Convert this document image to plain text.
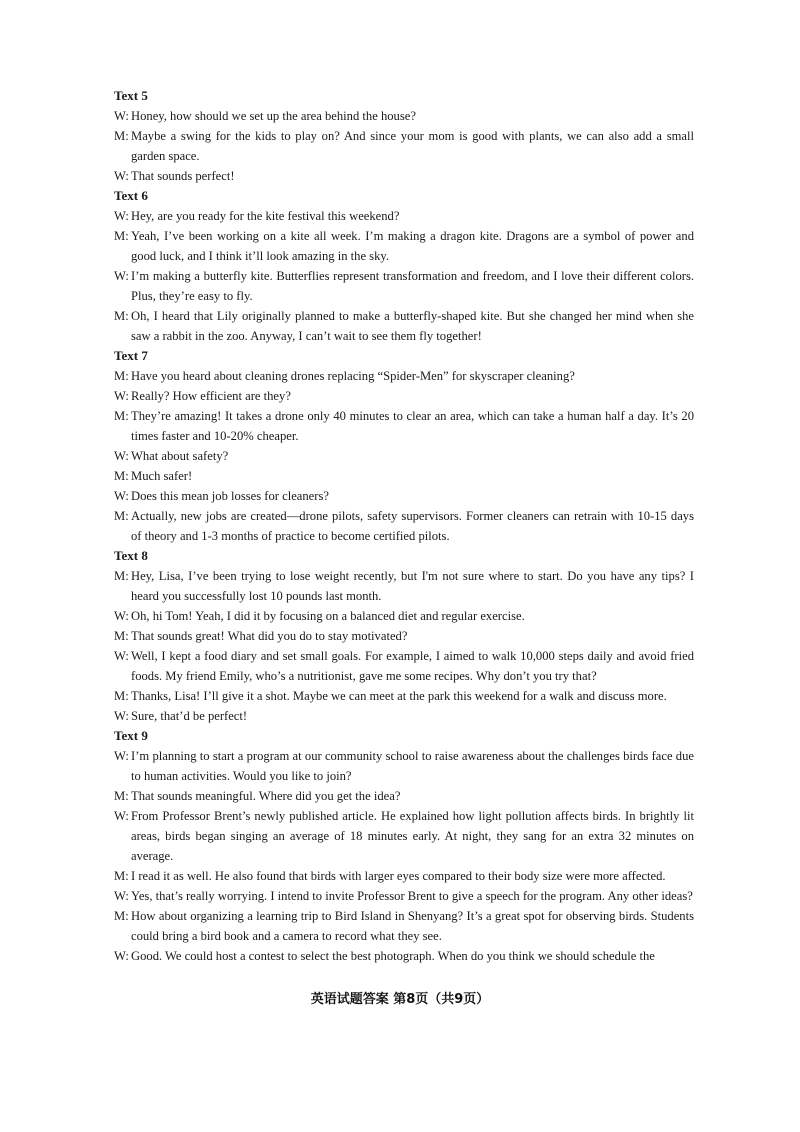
Text 5
W: Honey, how should we set up the area behind the house?
M: Maybe a swing for the kids to play on? And since your mom is good with plants, we can also add a small garden space.
W: That sounds perfect!
Text 6
W: Hey, are you ready for the kite festival this weekend?
M: Yeah, I’ve been working on a kite all week. I’m making a dragon kite. Dragons are a symbol of power and good luck, and I think it’ll look amazing in the sky.
W: I’m making a butterfly kite. Butterflies represent transformation and freedom, and I love their different colors. Plus, they’re easy to fly.
M: Oh, I heard that Lily originally planned to make a butterfly-shaped kite. But she changed her mind when she saw a rabbit in the zoo. Anyway, I can’t wait to see them fly together!
Text 7
M: Have you heard about cleaning drones replacing “Spider-Men” for skyscraper cleaning?
W: Really? How efficient are they?
M: They’re amazing! It takes a drone only 40 minutes to clear an area, which can take a human half a day. It’s 20 times faster and 10-20% cheaper.
W: What about safety?
M: Much safer!
W: Does this mean job losses for cleaners?
M: Actually, new jobs are created—drone pilots, safety supervisors. Former cleaners can retrain with 10-15 days of theory and 1-3 months of practice to become certified pilots.
Text 8
M: Hey, Lisa, I’ve been trying to lose weight recently, but I'm not sure where to start. Do you have any tips? I heard you successfully lost 10 pounds last month.
W: Oh, hi Tom! Yeah, I did it by focusing on a balanced diet and regular exercise.
M: That sounds great! What did you do to stay motivated?
W: Well, I kept a food diary and set small goals. For example, I aimed to walk 10,000 steps daily and avoid fried foods. My friend Emily, who’s a nutritionist, gave me some recipes. Why don’t you try that?
M: Thanks, Lisa! I’ll give it a shot. Maybe we can meet at the park this weekend for a walk and discuss more.
W: Sure, that’d be perfect!
Text 9
W: I’m planning to start a program at our community school to raise awareness about the challenges birds face due to human activities. Would you like to join?
M: That sounds meaningful. Where did you get the idea?
W: From Professor Brent’s newly published article. He explained how light pollution affects birds. In brightly lit areas, birds began singing an average of 18 minutes early. At night, they sang for an extra 32 minutes on average.
M: I read it as well. He also found that birds with larger eyes compared to their body size were more affected.
W: Yes, that’s really worrying. I intend to invite Professor Brent to give a speech for the program. Any other ideas?
M: How about organizing a learning trip to Bird Island in Shenyang? It’s a great spot for observing birds. Students could bring a bird book and a camera to record what they see.
W: Good. We could host a contest to select the best photograph. When do you think we should schedule the
英语试题答案 第8页（共9页）
